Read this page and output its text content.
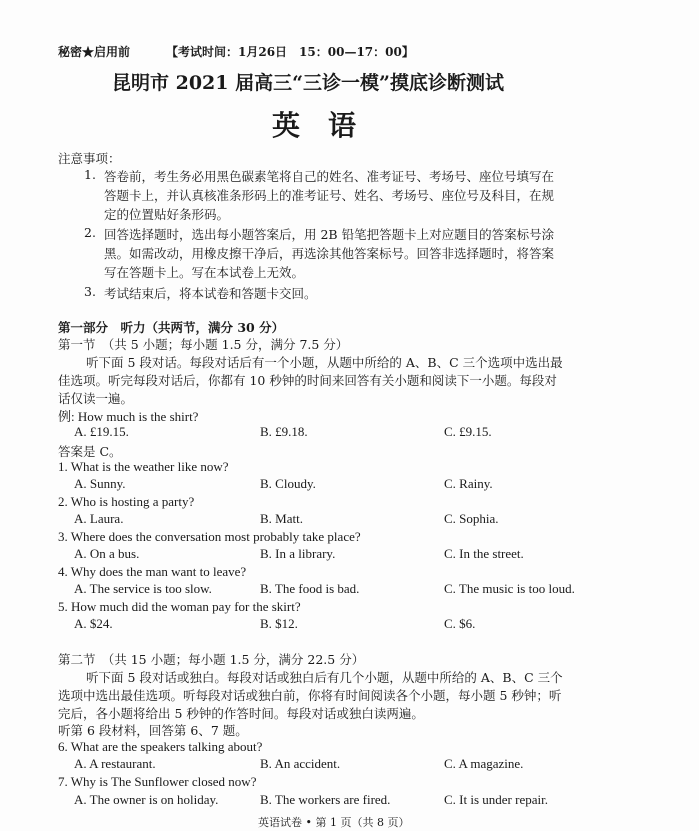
秘密★启用前	【考试时间：1月26日　15：00—17：00】
昆明市 2021 届高三“三诊一模”摸底诊断测试
英语
注意事项：
1. 答卷前，考生务必用黑色碳素笔将自己的姓名、准考证号、考场号、座位号填写在
答题卡上，并认真核准条形码上的准考证号、姓名、考场号、座位号及科目，在规
定的位置贴好条形码。
2. 回答选择题时，选出每小题答案后，用 2B 铅笔把答题卡上对应题目的答案标号涂
黑。如需改动，用橡皮擦干净后，再选涂其他答案标号。回答非选择题时，将答案
写在答题卡上。写在本试卷上无效。
3. 考试结束后，将本试卷和答题卡交回。
第一部分　听力（共两节，满分 30 分）
第一节　（共 5 小题；每小题 1.5 分，满分 7.5 分）
听下面 5 段对话。每段对话后有一个小题，从题中所给的 A、B、C 三个选项中选出最
佳选项。听完每段对话后，你都有 10 秒钟的时间来回答有关小题和阅读下一小题。每段对
话仅读一遍。
例: How much is the shirt?
A. £19.15.	B. £9.18.	C. £9.15.
答案是 C。
1. What is the weather like now?
A. Sunny.	B. Cloudy.	C. Rainy.
2. Who is hosting a party?
A. Laura.	B. Matt.	C. Sophia.
3. Where does the conversation most probably take place?
A. On a bus.	B. In a library.	C. In the street.
4. Why does the man want to leave?
A. The service is too slow.	B. The food is bad.	C. The music is too loud.
5. How much did the woman pay for the skirt?
A. $24.	B. $12.	C. $6.
第二节　（共 15 小题；每小题 1.5 分，满分 22.5 分）
听下面 5 段对话或独白。每段对话或独白后有几个小题，从题中所给的 A、B、C 三个
选项中选出最佳选项。听每段对话或独白前，你将有时间阅读各个小题，每小题 5 秒钟；听
完后，各小题将给出 5 秒钟的作答时间。每段对话或独白读两遍。
听第 6 段材料，回答第 6、7 题。
6. What are the speakers talking about?
A. A restaurant.	B. An accident.	C. A magazine.
7. Why is The Sunflower closed now?
A. The owner is on holiday.	B. The workers are fired.	C. It is under repair.
英语试卷 • 第 1 页（共 8 页）
